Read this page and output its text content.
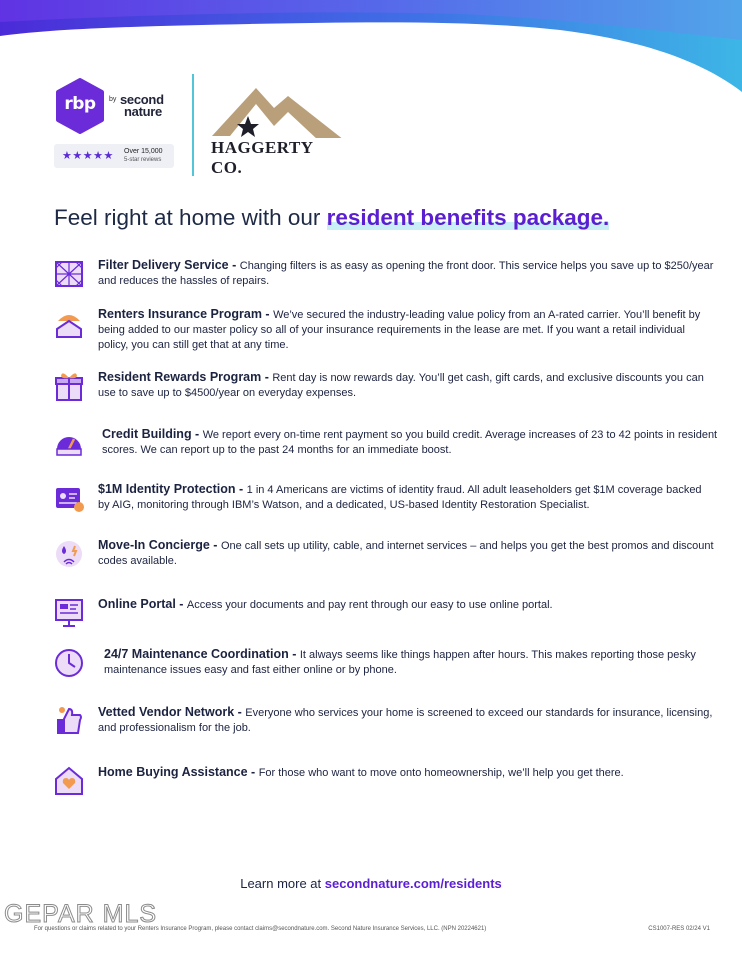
rbp	by second
nature
★★★★★ Over 15,000
5-star reviews
HAGGERTY CO.
Feel right at home with our resident benefits package.
Filter Delivery Service - Changing filters is as easy as opening the front door. This service helps you save up to $250/year and reduces the hassles of repairs.
Renters Insurance Program - We’ve secured the industry-leading value policy from an A-rated carrier. You’ll benefit by being added to our master policy so all of your insurance requirements in the lease are met. If you want a retail individual policy, you can still get that at any time.
Resident Rewards Program - Rent day is now rewards day. You’ll get cash, gift cards, and exclusive discounts you can use to save up to $4500/year on everyday expenses.
Credit Building - We report every on-time rent payment so you build credit. Average increases of 23 to 42 points in resident scores. We can report up to the past 24 months for an immediate boost.
$1M Identity Protection - 1 in 4 Americans are victims of identity fraud. All adult leaseholders get $1M coverage backed by AIG, monitoring through IBM’s Watson, and a dedicated, US-based Identity Restoration Specialist.
Move-In Concierge - One call sets up utility, cable, and internet services – and helps you get the best promos and discount codes available.
Online Portal - Access your documents and pay rent through our easy to use online portal.
24/7 Maintenance Coordination - It always seems like things happen after hours. This makes reporting those pesky maintenance issues easy and fast either online or by phone.
Vetted Vendor Network - Everyone who services your home is screened to exceed our standards for insurance, licensing, and professionalism for the job.
Home Buying Assistance - For those who want to move onto homeownership, we’ll help you get there.
Learn more at secondnature.com/residents
GEPAR MLS
For questions or claims related to your Renters Insurance Program, please contact claims@secondnature.com. Second Nature Insurance Services, LLC. (NPN 20224621)	CS1007-RES 02/24 V1
